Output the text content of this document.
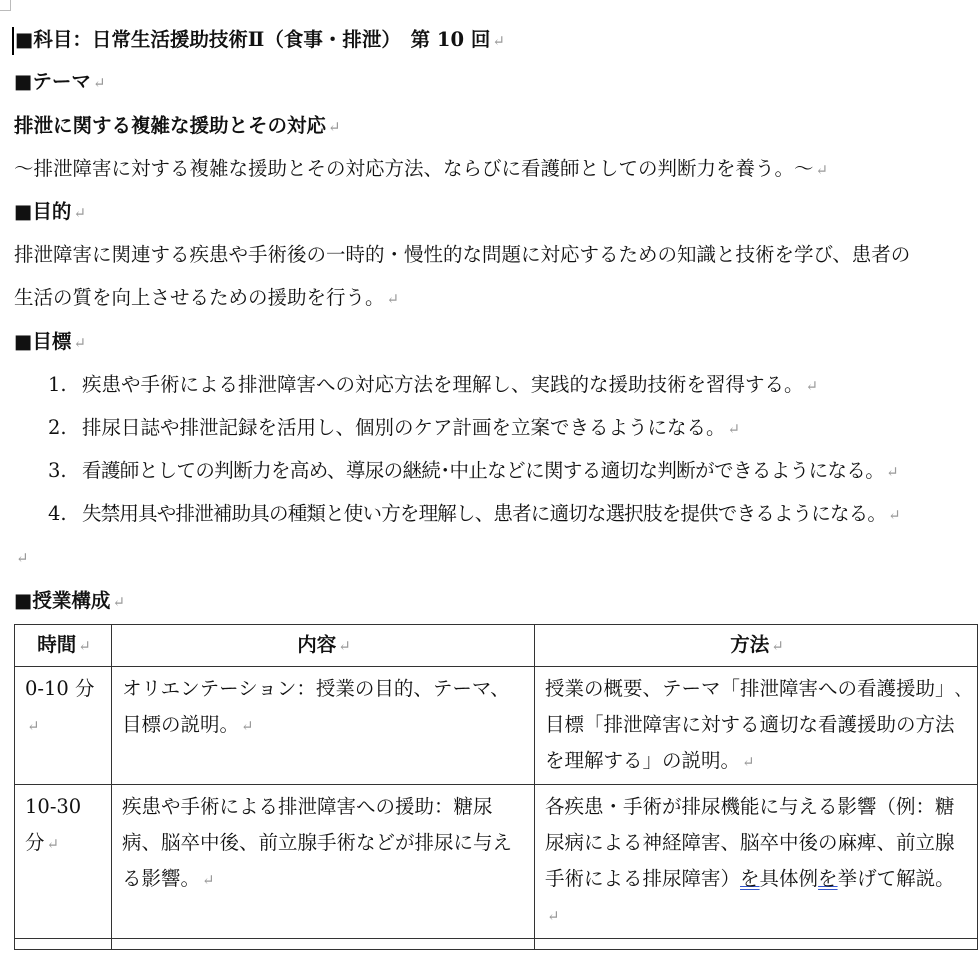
■科目：日常生活援助技術Ⅱ（食事・排泄）　第 10 回 ↵
■テーマ ↵
排泄に関する複雑な援助とその対応 ↵
～排泄障害に対する複雑な援助とその対応方法、ならびに看護師としての判断力を養う。～ ↵
■目的 ↵
排泄障害に関連する疾患や手術後の一時的・慢性的な問題に対応するための知識と技術を学び、患者の
生活の質を向上させるための援助を行う。 ↵
■目標 ↵
1. 疾患や手術による排泄障害への対応方法を理解し、実践的な援助技術を習得する。 ↵
2. 排尿日誌や排泄記録を活用し、個別のケア計画を立案できるようになる。 ↵
3. 看護師としての判断力を高め、導尿の継続･中止などに関する適切な判断ができるようになる。 ↵
4. 失禁用具や排泄補助具の種類と使い方を理解し、患者に適切な選択肢を提供できるようになる。 ↵
↵
■授業構成 ↵
時間 ↵	内容 ↵	方法 ↵
0-10 分↵	オリエンテーション：授業の目的、テーマ、目標の説明。 ↵	授業の概要、テーマ「排泄障害への看護援助」､目標「排泄障害に対する適切な看護援助の方法を理解する」の説明。 ↵
10-30 分 ↵	疾患や手術による排泄障害への援助：糖尿病、脳卒中後、前立腺手術などが排尿に与える影響。 ↵	各疾患・手術が排尿機能に与える影響（例：糖尿病による神経障害、脳卒中後の麻痺、前立腺手術による排尿障害）を具体例を挙げて解説。↵
